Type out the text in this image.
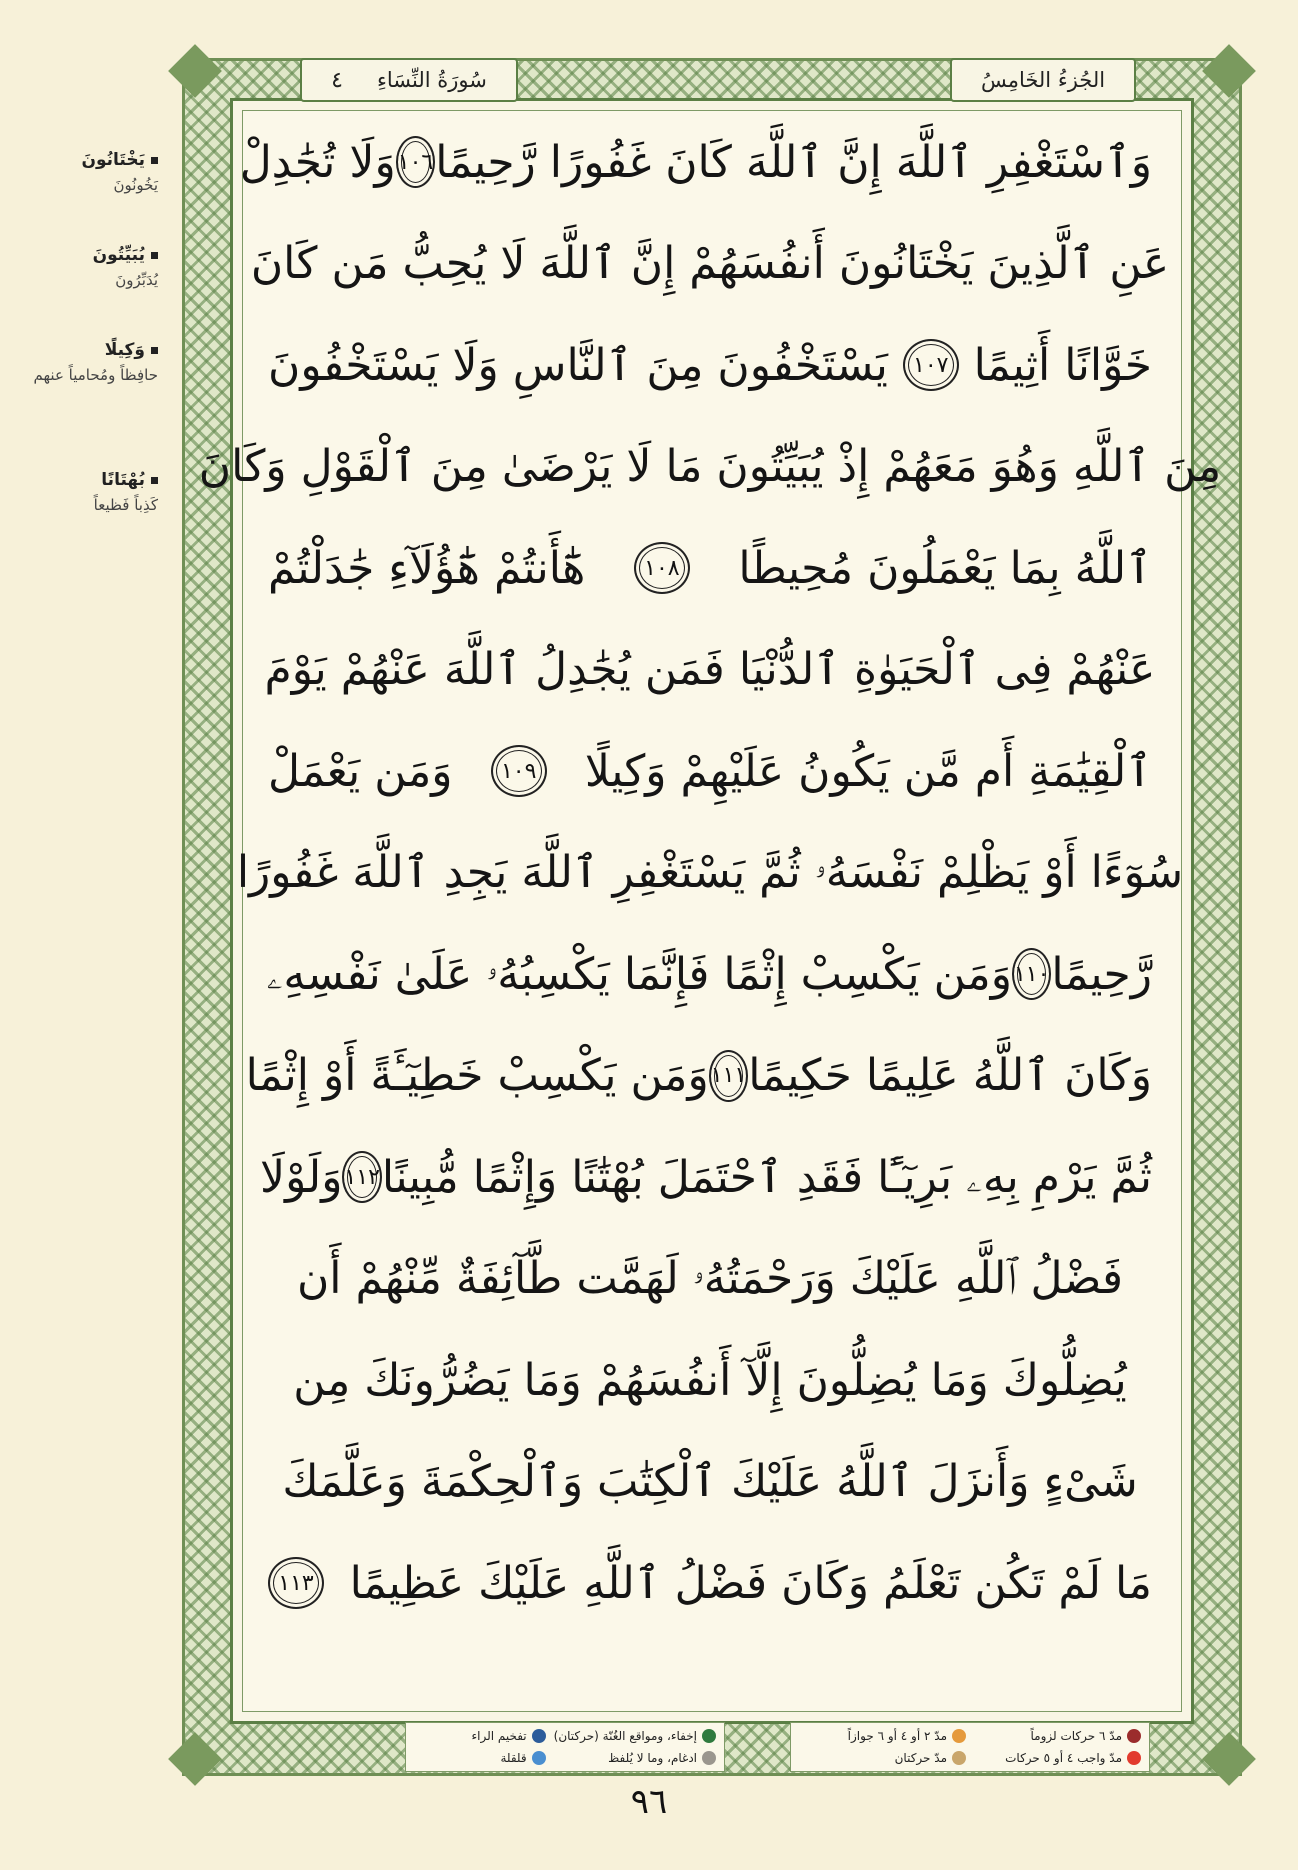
سُورَةُ النِّسَاءِ
٤	الجُزءُ الخَامِسُ
وَٱسْتَغْفِرِ ٱللَّهَ إِنَّ ٱللَّهَ كَانَ غَفُورًا رَّحِيمًا
١٠٦
وَلَا تُجَٰدِلْ
عَنِ ٱلَّذِينَ يَخْتَانُونَ أَنفُسَهُمْ إِنَّ ٱللَّهَ لَا يُحِبُّ مَن كَانَ
خَوَّانًا أَثِيمًا
١٠٧
يَسْتَخْفُونَ مِنَ ٱلنَّاسِ وَلَا يَسْتَخْفُونَ
مِنَ ٱللَّهِ وَهُوَ مَعَهُمْ إِذْ يُبَيِّتُونَ مَا لَا يَرْضَىٰ مِنَ ٱلْقَوْلِ وَكَانَ
ٱللَّهُ بِمَا يَعْمَلُونَ مُحِيطًا
١٠٨
هَٰٓأَنتُمْ هَٰٓؤُلَآءِ جَٰدَلْتُمْ
عَنْهُمْ فِى ٱلْحَيَوٰةِ ٱلدُّنْيَا فَمَن يُجَٰدِلُ ٱللَّهَ عَنْهُمْ يَوْمَ
ٱلْقِيَٰمَةِ أَم مَّن يَكُونُ عَلَيْهِمْ وَكِيلًا
١٠٩
وَمَن يَعْمَلْ
سُوٓءًا أَوْ يَظْلِمْ نَفْسَهُۥ ثُمَّ يَسْتَغْفِرِ ٱللَّهَ يَجِدِ ٱللَّهَ غَفُورًا
رَّحِيمًا
١١٠
وَمَن يَكْسِبْ إِثْمًا فَإِنَّمَا يَكْسِبُهُۥ عَلَىٰ نَفْسِهِۦ
وَكَانَ ٱللَّهُ عَلِيمًا حَكِيمًا
١١١
وَمَن يَكْسِبْ خَطِيٓـَٔةً أَوْ إِثْمًا
ثُمَّ يَرْمِ بِهِۦ بَرِيٓـًٔا فَقَدِ ٱحْتَمَلَ بُهْتَٰنًا وَإِثْمًا مُّبِينًا
١١٢
وَلَوْلَا
فَضْلُ ٱللَّهِ عَلَيْكَ وَرَحْمَتُهُۥ لَهَمَّت طَّآئِفَةٌ مِّنْهُمْ أَن
يُضِلُّوكَ وَمَا يُضِلُّونَ إِلَّآ أَنفُسَهُمْ وَمَا يَضُرُّونَكَ مِن
شَىْءٍ وَأَنزَلَ ٱللَّهُ عَلَيْكَ ٱلْكِتَٰبَ وَٱلْحِكْمَةَ وَعَلَّمَكَ
مَا لَمْ تَكُن تَعْلَمُ وَكَانَ فَضْلُ ٱللَّهِ عَلَيْكَ عَظِيمًا
١١٣
يَخْتَانُونَ
يَخُونُونَ
يُبَيِّتُونَ
يُدَبِّرُونَ
وَكِيلًا
حافِظاً ومُحامياً عنهم
بُهْتَانًا
كَذِباً فَظيعاً
مدّ ٦ حركات لزوماً
مدّ ٢ أو ٤ أو ٦ جوازاً
مدّ واجب ٤ أو ٥ حركات
مدّ حركتان
إخفاء، ومواقع الغُنّة (حركتان)
تفخيم الراء
ادغام، وما لا يُلفظ
قلقلة
٩٦
